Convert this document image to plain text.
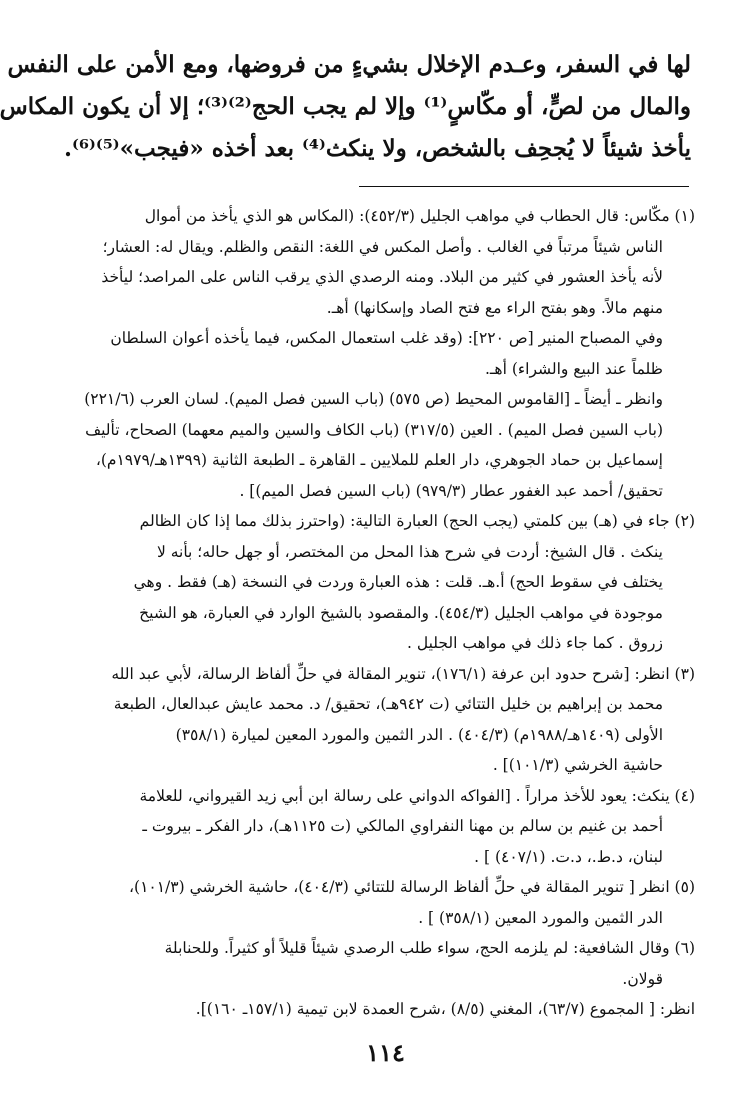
لها في السفر، وعـدم الإخلال بشيءٍ من فروضها، ومع الأمن على النفس
والمال من لصٍّ، أو مكّاسٍ⁽¹⁾ وإلا لم يجب الحج⁽²⁾⁽³⁾؛ إلا أن يكون المكاس
يأخذ شيئاً لا يُجحِف بالشخص، ولا ينكث⁽⁴⁾ بعد أخذه «فيجب»⁽⁵⁾⁽⁶⁾.
(١) مكّاس: قال الحطاب في مواهب الجليل (٤٥٢/٣): (المكاس هو الذي يأخذ من أموال
الناس شيئاً مرتباً في الغالب . وأصل المكس في اللغة: النقص والظلم. ويقال له: العشار؛
لأنه يأخذ العشور في كثير من البلاد. ومنه الرصدي الذي يرقب الناس على المراصد؛ ليأخذ
منهم مالاً. وهو بفتح الراء مع فتح الصاد وإسكانها) أهـ.
وفي المصباح المنير [ص ٢٢٠]: (وقد غلب استعمال المكس، فيما يأخذه أعوان السلطان
ظلماً عند البيع والشراء) أهـ.
وانظر ـ أيضاً ـ [القاموس المحيط (ص ٥٧٥) (باب السين فصل الميم). لسان العرب (٢٢١/٦)
(باب السين فصل الميم) . العين (٣١٧/٥) (باب الكاف والسين والميم معهما) الصحاح، تأليف
إسماعيل بن حماد الجوهري، دار العلم للملايين ـ القاهرة ـ الطبعة الثانية (١٣٩٩هـ/١٩٧٩م)،
تحقيق/ أحمد عبد الغفور عطار (٩٧٩/٣) (باب السين فصل الميم)] .
(٢) جاء في (هـ) بين كلمتي (يجب الحج) العبارة التالية: (واحترز بذلك مما إذا كان الظالم
ينكث . قال الشيخ: أردت في شرح هذا المحل من المختصر، أو جهل حاله؛ بأنه لا
يختلف في سقوط الحج) أ.هـ. قلت : هذه العبارة وردت في النسخة (هـ) فقط . وهي
موجودة في مواهب الجليل (٤٥٤/٣). والمقصود بالشيخ الوارد في العبارة، هو الشيخ
زروق . كما جاء ذلك في مواهب الجليل .
(٣) انظر: [شرح حدود ابن عرفة (١٧٦/١)، تنوير المقالة في حلِّ ألفاظ الرسالة، لأبي عبد الله
محمد بن إبراهيم بن خليل التتائي (ت ٩٤٢هـ)، تحقيق/ د. محمد عايش عبدالعال، الطبعة
الأولى (١٤٠٩هـ/١٩٨٨م) (٤٠٤/٣) . الدر الثمين والمورد المعين لميارة (٣٥٨/١)
حاشية الخرشي (١٠١/٣)] .
(٤) ينكث: يعود للأخذ مراراً . [الفواكه الدواني على رسالة ابن أبي زيد القيرواني، للعلامة
أحمد بن غنيم بن سالم بن مهنا النفراوي المالكي (ت ١١٢٥هـ)، دار الفكر ـ بيروت ـ
لبنان، د.ط.، د.ت. (٤٠٧/١) ] .
(٥) انظر [ تنوير المقالة في حلِّ ألفاظ الرسالة للتتائي (٤٠٤/٣)، حاشية الخرشي (١٠١/٣)،
الدر الثمين والمورد المعين (٣٥٨/١) ] .
(٦) وقال الشافعية: لم يلزمه الحج، سواء طلب الرصدي شيئاً قليلاً أو كثيراً. وللحنابلة
قولان.
انظر: [ المجموع (٦٣/٧)، المغني (٨/٥) ،شرح العمدة لابن تيمية (١٥٧/١ـ ١٦٠)].
١١٤
